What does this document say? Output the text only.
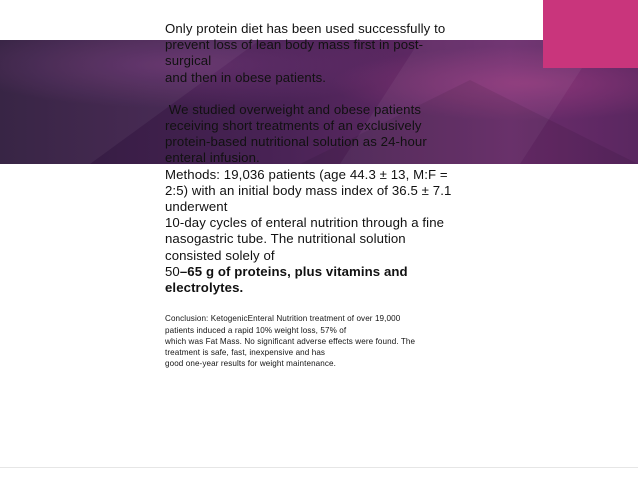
Only protein diet has been used successfully to
prevent loss of lean body mass first in post-
surgical
and then in obese patients.
We studied overweight and obese patients
receiving short treatments of an exclusively
protein-based nutritional solution as 24-hour
enteral infusion.
Methods: 19,036 patients (age 44.3 ± 13, M:F =
2:5) with an initial body mass index of 36.5 ± 7.1
underwent
10-day cycles of enteral nutrition through a fine
nasogastric tube. The nutritional solution
consisted solely of
50–65 g of proteins, plus vitamins and
electrolytes.

Conclusion: KetogenicEnteral Nutrition treatment of over 19,000
patients induced a rapid 10% weight loss, 57% of
which was Fat Mass. No significant adverse effects were found. The
treatment is safe, fast, inexpensive and has
good one-year results for weight maintenance.
